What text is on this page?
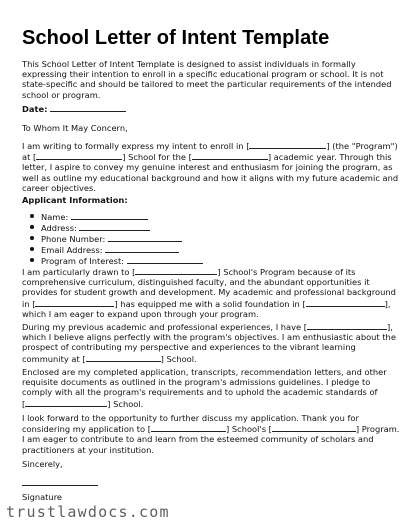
School Letter of Intent Template
This School Letter of Intent Template is designed to assist individuals in formally
expressing their intention to enroll in a specific educational program or school. It is not
state-specific and should be tailored to meet the particular requirements of the intended
school or program.
Date:
To Whom It May Concern,
I am writing to formally express my intent to enroll in [	] (the "Program")
at [	] School for the [	] academic year. Through this
letter, I aspire to convey my genuine interest and enthusiasm for joining the program, as
well as outline my educational background and how it aligns with my future academic and
career objectives.
Applicant Information:
Name:
Address:
Phone Number:
Email Address:
Program of Interest:
I am particularly drawn to [	] School's Program because of its
comprehensive curriculum, distinguished faculty, and the abundant opportunities it
provides for student growth and development. My academic and professional background
in [	] has equipped me with a solid foundation in [	],
which I am eager to expand upon through your program.
During my previous academic and professional experiences, I have [	],
which I believe aligns perfectly with the program's objectives. I am enthusiastic about the
prospect of contributing my perspective and experiences to the vibrant learning
community at [	] School.
Enclosed are my completed application, transcripts, recommendation letters, and other
requisite documents as outlined in the program's admissions guidelines. I pledge to
comply with all the program's requirements and to uphold the academic standards of
[	] School.
I look forward to the opportunity to further discuss my application. Thank you for
considering my application to [	] School's [	] Program.
I am eager to contribute to and learn from the esteemed community of scholars and
practitioners at your institution.
Sincerely,
Signature
trustlawdocs.com
